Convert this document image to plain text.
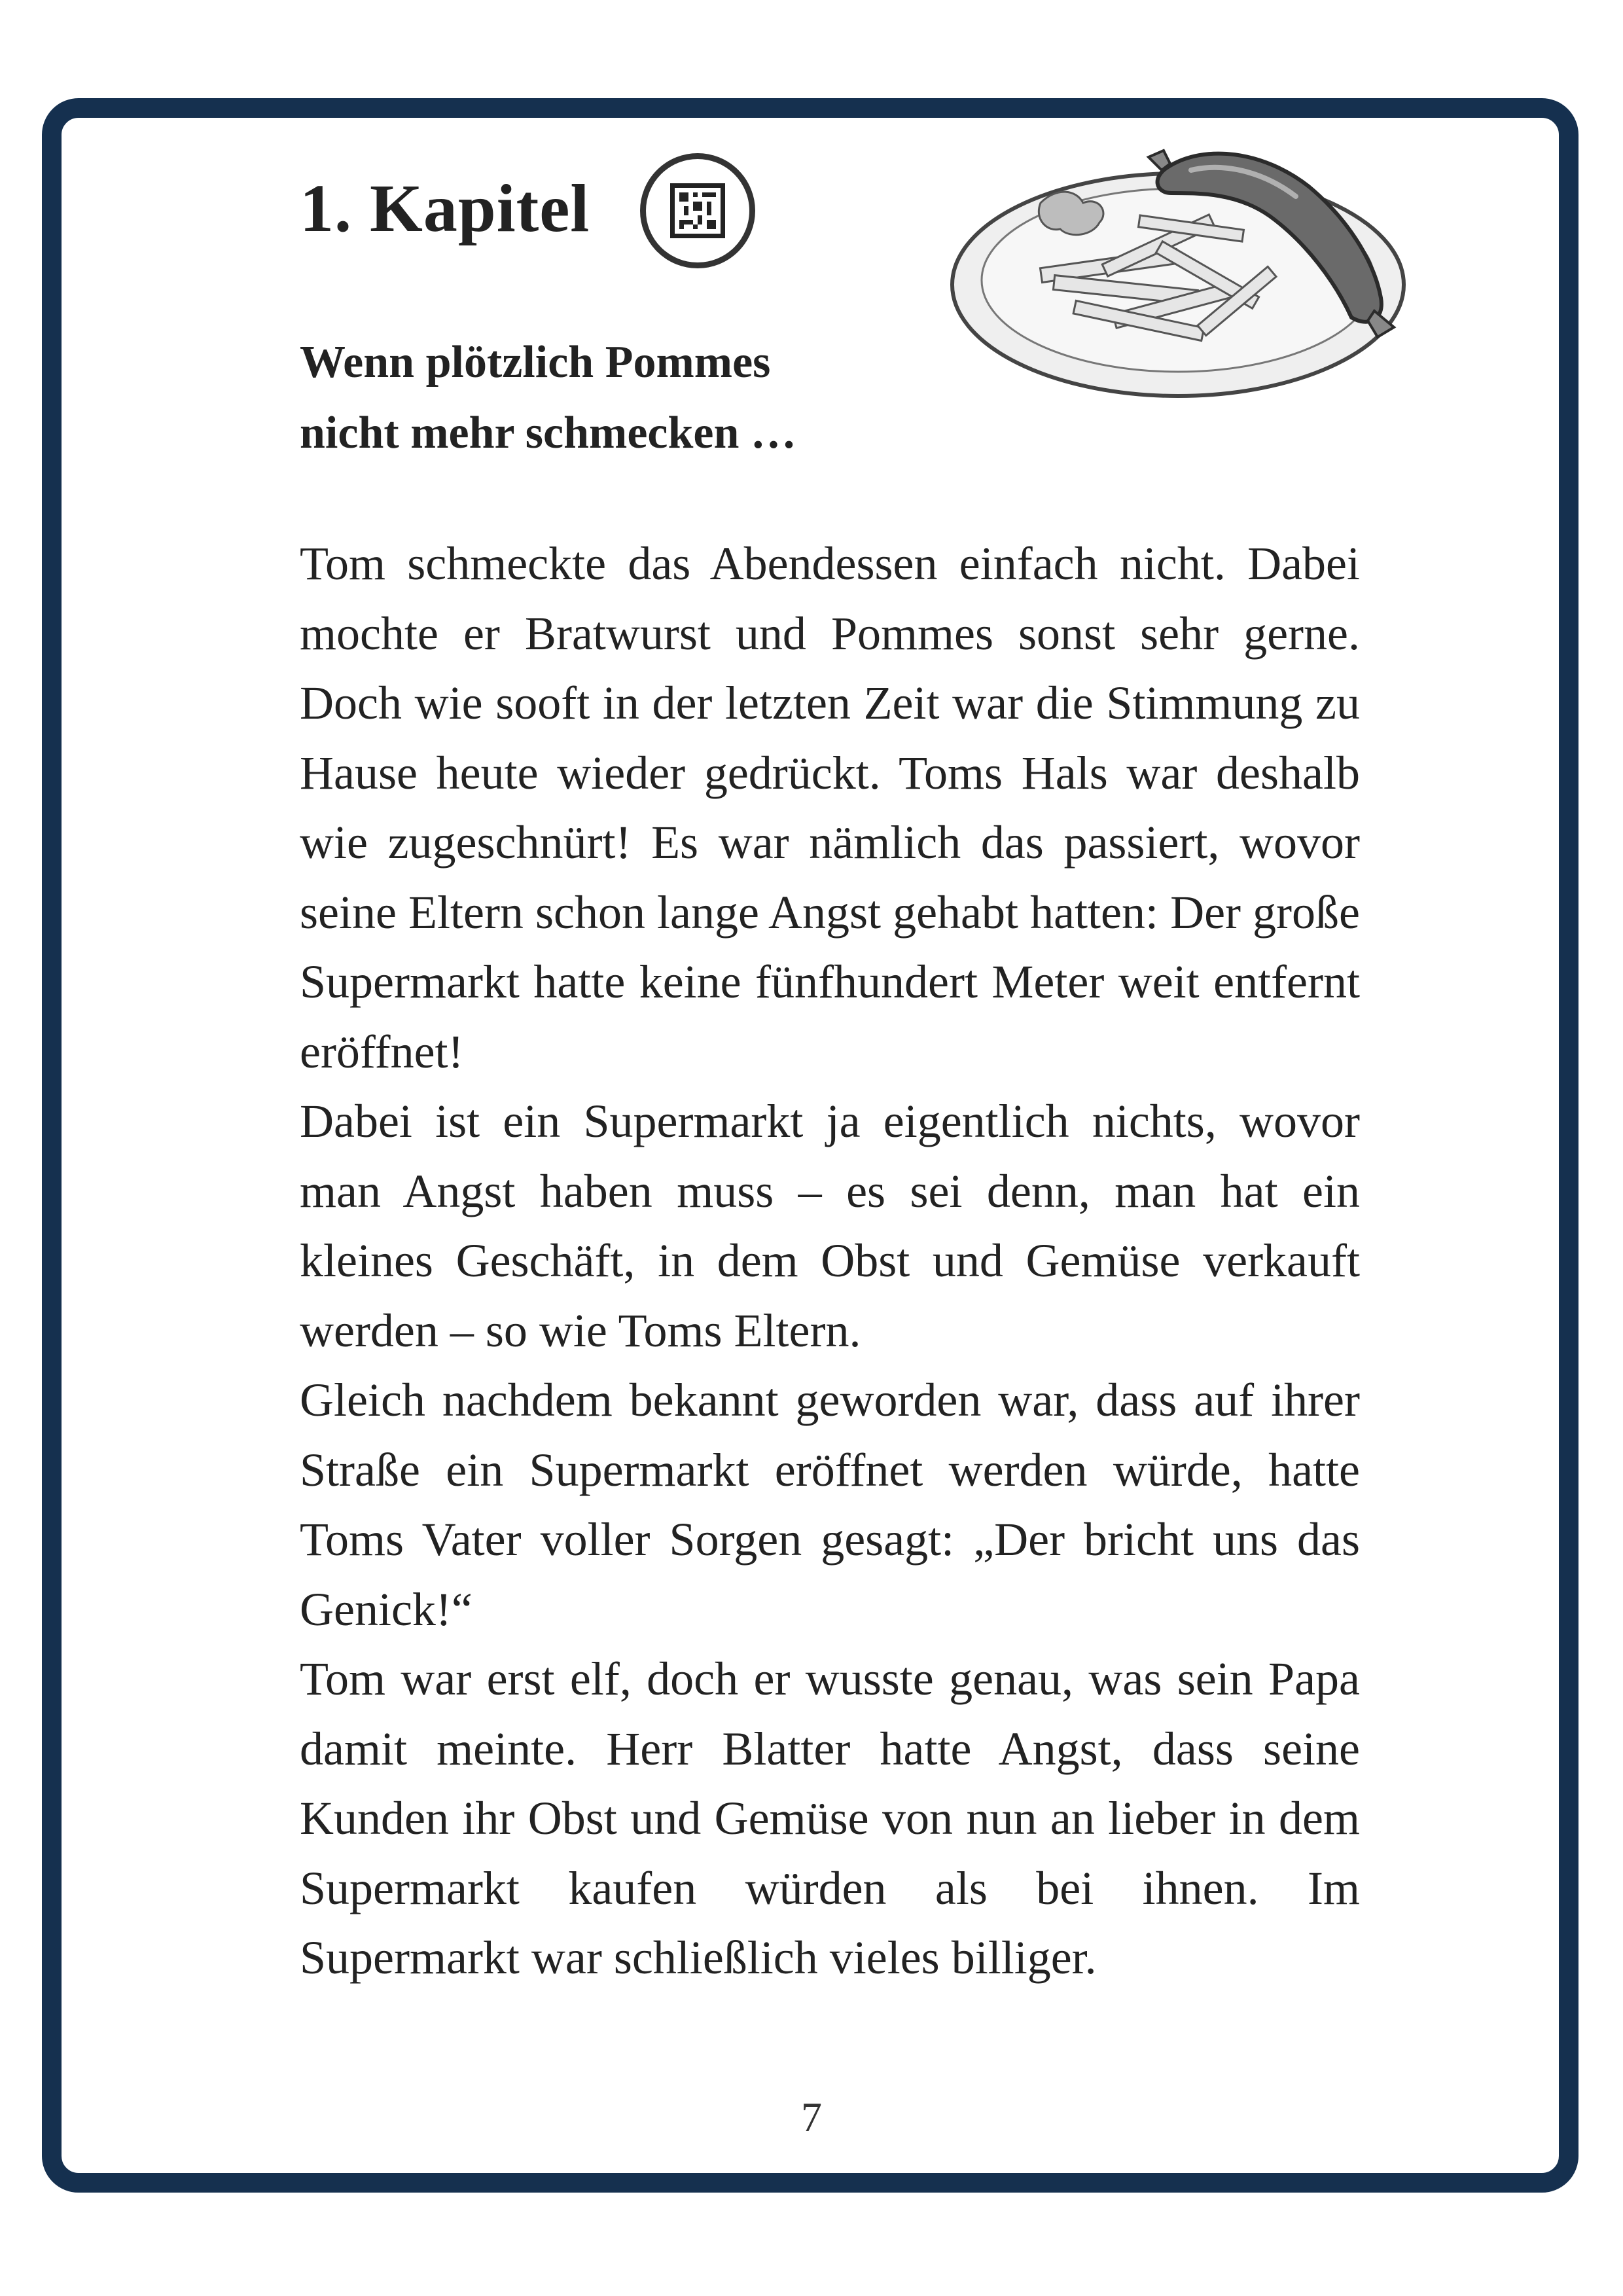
1. Kapitel
Wenn plötzlich Pommes
nicht mehr schmecken …

Tom schmeckte das Abendessen einfach nicht. Dabei mochte er Bratwurst und Pommes sonst sehr gerne. Doch wie sooft in der letzten Zeit war die Stimmung zu Hause heute wieder gedrückt. Toms Hals war deshalb wie zugeschnürt! Es war nämlich das passiert, wovor seine Eltern schon lange Angst gehabt hatten: Der große Supermarkt hatte keine fünfhundert Meter weit entfernt eröffnet!

Dabei ist ein Supermarkt ja eigentlich nichts, wovor man Angst haben muss – es sei denn, man hat ein kleines Geschäft, in dem Obst und Gemüse verkauft werden – so wie Toms Eltern.

Gleich nachdem bekannt geworden war, dass auf ihrer Straße ein Supermarkt eröffnet werden würde, hatte Toms Vater voller Sorgen gesagt: „Der bricht uns das Genick!“

Tom war erst elf, doch er wusste genau, was sein Papa damit meinte. Herr Blatter hatte Angst, dass seine Kunden ihr Obst und Gemüse von nun an lieber in dem Supermarkt kaufen würden als bei ihnen. Im Supermarkt war schließlich vieles billiger.

7
